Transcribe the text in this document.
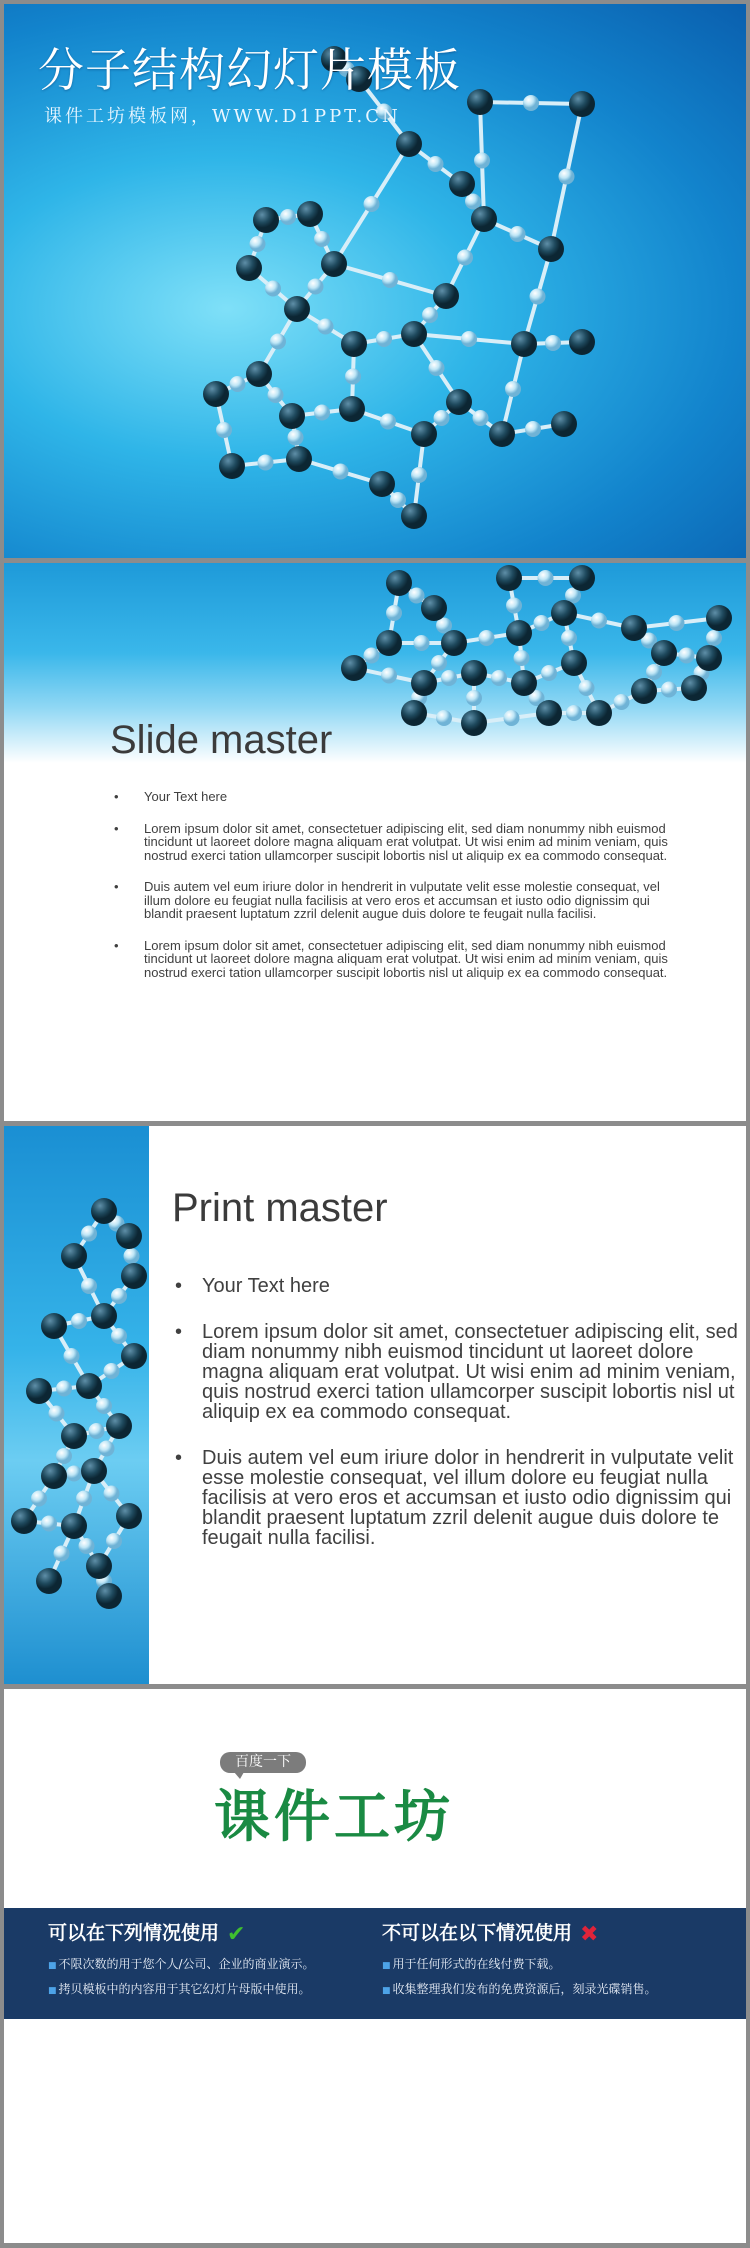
分子结构幻灯片模板
课件工坊模板网，WWW.D1PPT.CN
Slide master
• Your Text here
• Lorem ipsum dolor sit amet, consectetuer adipiscing elit, sed diam nonummy nibh euismod tincidunt ut laoreet dolore magna aliquam erat volutpat. Ut wisi enim ad minim veniam, quis nostrud exerci tation ullamcorper suscipit lobortis nisl ut aliquip ex ea commodo consequat.
• Duis autem vel eum iriure dolor in hendrerit in vulputate velit esse molestie consequat, vel illum dolore eu feugiat nulla facilisis at vero eros et accumsan et iusto odio dignissim qui blandit praesent luptatum zzril delenit augue duis dolore te feugait nulla facilisi.
• Lorem ipsum dolor sit amet, consectetuer adipiscing elit, sed diam nonummy nibh euismod tincidunt ut laoreet dolore magna aliquam erat volutpat. Ut wisi enim ad minim veniam, quis nostrud exerci tation ullamcorper suscipit lobortis nisl ut aliquip ex ea commodo consequat.
Print master
• Your Text here
• Lorem ipsum dolor sit amet, consectetuer adipiscing elit, sed diam nonummy nibh euismod tincidunt ut laoreet dolore magna aliquam erat volutpat. Ut wisi enim ad minim veniam, quis nostrud exerci tation ullamcorper suscipit lobortis nisl ut aliquip ex ea commodo consequat.
• Duis autem vel eum iriure dolor in hendrerit in vulputate velit esse molestie consequat, vel illum dolore eu feugiat nulla facilisis at vero eros et accumsan et iusto odio dignissim qui blandit praesent luptatum zzril delenit augue duis dolore te feugait nulla facilisi.
百度一下
课件工坊
可以在下列情况使用 ✔

■ 不限次数的用于您个人/公司、企业的商业演示。

■ 拷贝模板中的内容用于其它幻灯片母版中使用。

不可以在以下情况使用 ✖

■ 用于任何形式的在线付费下载。

■ 收集整理我们发布的免费资源后，刻录光碟销售。
